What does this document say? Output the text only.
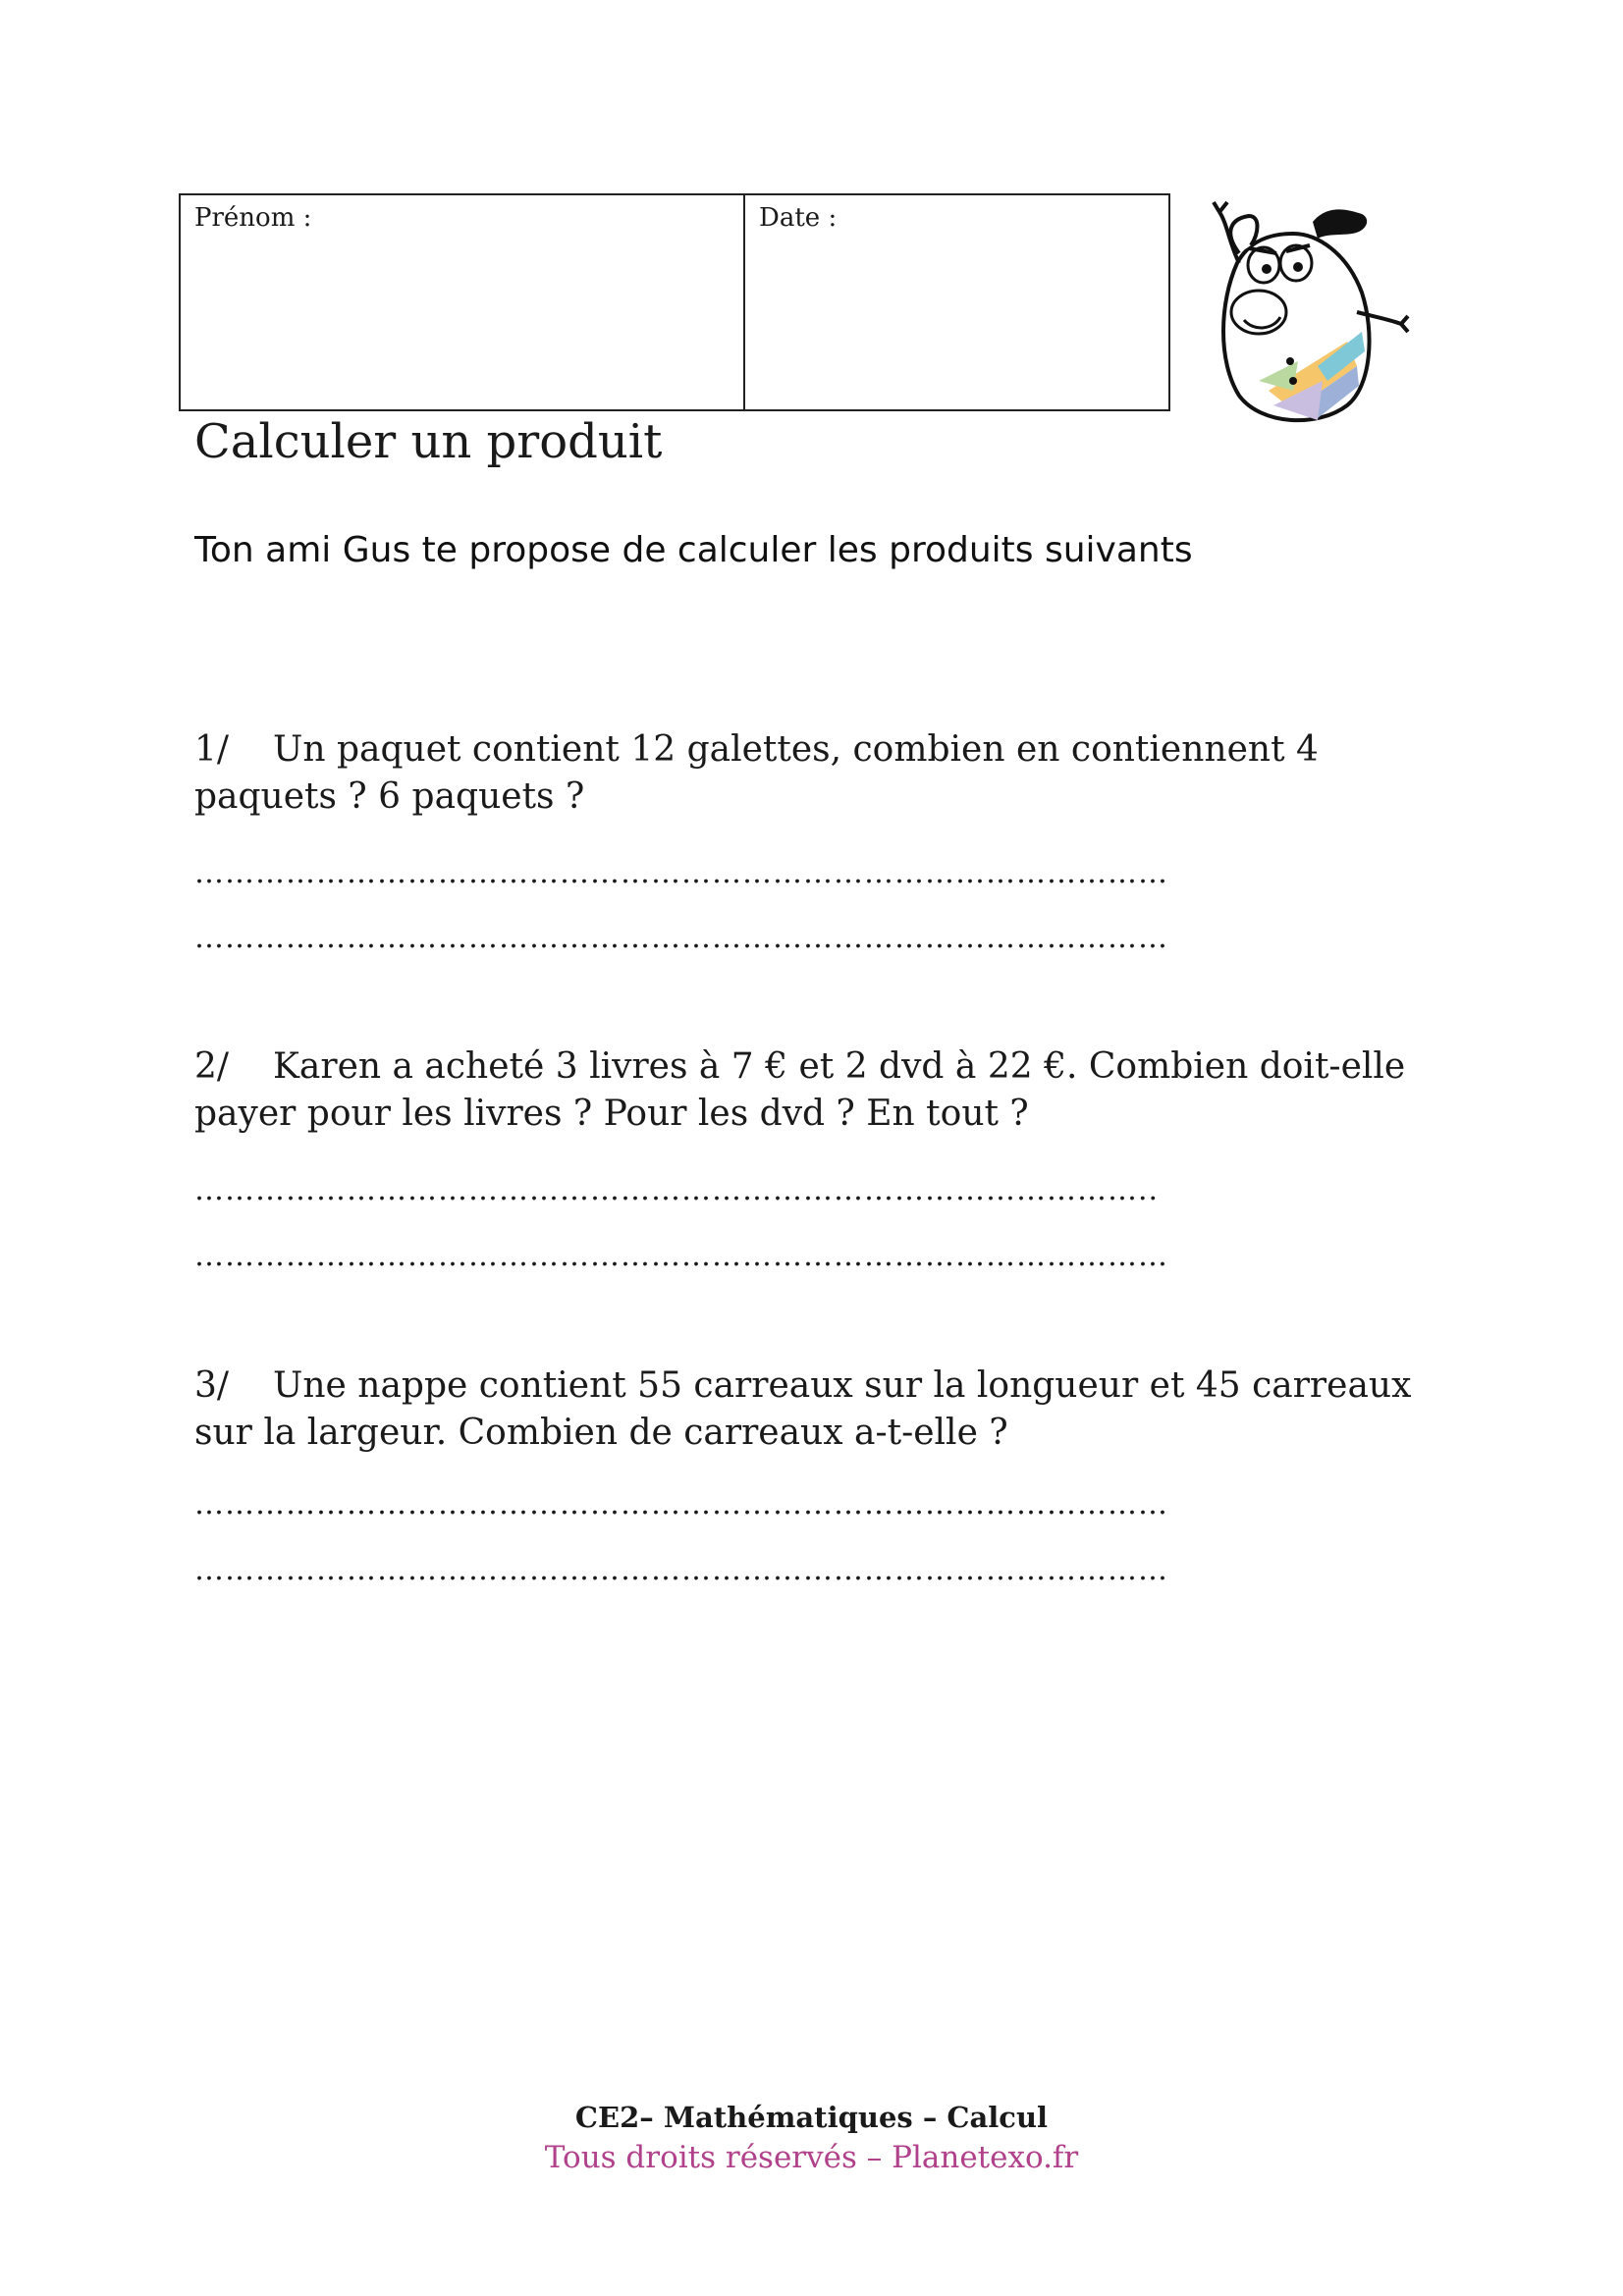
Prénom :	Date :
Calculer un produit

Ton ami Gus te propose de calculer les produits suivants

1/ Un paquet contient 12 galettes, combien en contiennent 4 paquets ? 6 paquets ?

……………………………………………………………………………………
……………………………………………………………………………………

2/ Karen a acheté 3 livres à 7 € et 2 dvd à 22 €. Combien doit-elle payer pour les livres ? Pour les dvd ? En tout ?

…………………………………………………………………………………..
……………………………………………………………………………………

3/ Une nappe contient 55 carreaux sur la longueur et 45 carreaux sur la largeur. Combien de carreaux a-t-elle ?

……………………………………………………………………………………
……………………………………………………………………………………
CE2– Mathématiques – Calcul
Tous droits réservés – Planetexo.fr
